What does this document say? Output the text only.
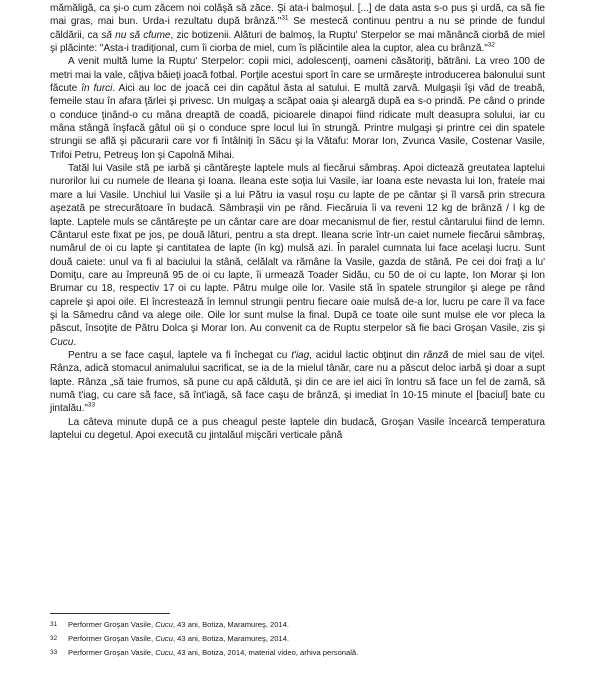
mămăligă, ca şi-o cum zăcem noi colăşă să zăce. Şi ata-i balmoşul. [...] de data asta s-o pus şi urdă, ca să fie mai gras, mai bun. Urda-i rezultatu după brânză."$^{31}$ Se mestecă continuu pentru a nu se prinde de fundul căldării, ca să nu să cfume, zic botizenii. Alături de balmoş, la Ruptu' Sterpelor se mai mănâncă ciorbă de miel şi plăcinte: "Asta-i tradiţional, cum îi ciorba de miel, cum îs plăcintile alea la cuptor, alea cu brânză."$^{32}$

A venit multă lume la Ruptu' Sterpelor: copii mici, adolescenţi, oameni căsătoriţi, bătrâni. La vreo 100 de metri mai la vale, câţiva băieţi joacă fotbal. Porţile acestui sport în care se urmăreşte introducerea balonului sunt făcute în furci. Aici au loc de joacă cei din capătul ăsta al satului. E multă zarvă. Mulgaşii îşi văd de treabă, femeile stau în afara ţărlei şi privesc. Un mulgaş a scăpat oaia şi aleargă după ea s-o prindă. Pe când o prinde o conduce ţinând-o cu mâna dreaptă de coadă, picioarele dinapoi fiind ridicate mult deasupra solului, iar cu mâna stângă înşfacă gâtul oii şi o conduce spre locul lui în strungă. Printre mulgaşi şi printre cei din spatele strungii se află şi păcurarii care vor fi întâlniţi în Săcu şi la Vătafu: Morar Ion, Zvunca Vasile, Costenar Vasile, Trifoi Petru, Petreuş Ion şi Capolnă Mihai.

Tatăl lui Vasile stă pe iarbă şi cântăreşte laptele muls al fiecărui sâmbraş. Apoi dictează greutatea laptelui nurorilor lui cu numele de Ileana şi Ioana. Ileana este soţia lui Vasile, iar Ioana este nevasta lui Ion, fratele mai mare a lui Vasile. Unchiul lui Vasile şi a lui Pătru ia vasul roşu cu lapte de pe cântar şi îl varsă prin strecura aşezată pe strecurătoare în budacă. Sâmbraşii vin pe rând. Fiecăruia îi va reveni 12 kg de brânză / l kg de lapte. Laptele muls se cântăreşte pe un cântar care are doar mecanismul de fier, restul cântarului fiind de lemn. Cântarul este fixat pe jos, pe două lături, pentru a sta drept. Ileana scrie într-un caiet numele fiecărui sâmbraş, numărul de oi cu lapte şi cantitatea de lapte (în kg) mulsă azi. În paralel cumnata lui face acelaşi lucru. Sunt două caiete: unul va fi al baciului la stână, celălalt va rămâne la Vasile, gazda de stână. Pe cei doi fraţi a lu' Domiţu, care au împreună 95 de oi cu lapte, îi urmează Toader Sidău, cu 50 de oi cu lapte, Ion Morar şi Ion Brumar cu 18, respectiv 17 oi cu lapte. Pătru mulge oile lor. Vasile stă în spatele strungilor şi alege pe rând caprele şi apoi oile. El încrestează în lemnul strungii pentru fiecare oaie mulsă de-a lor, lucru pe care îl va face şi la Sâmedru când va alege oile. Oile lor sunt mulse la final. După ce toate oile sunt mulse ele vor pleca la păscut, însoţite de Pătru Dolca şi Morar Ion. Au convenit ca de Ruptu sterpelor să fie baci Groşan Vasile, zis şi Cucu.

Pentru a se face caşul, laptele va fi închegat cu t'iag, acidul lactic obţinut din rânză de miel sau de viţel. Rânza, adică stomacul animalului sacrificat, se ia de la mielul tânăr, care nu a păscut deloc iarbă şi doar a supt lapte. Rânza „să taie frumos, să pune cu apă căldută, şi din ce are iel aici în lontru să face un fel de zamă, să numă t'iag, cu care să face, să înt'iagă, să face caşu de brânză, şi imediat în 10-15 minute el [baciul] bate cu jintalău."$^{33}$

La câteva minute după ce a pus cheagul peste laptele din budacă, Groşan Vasile încearcă temperatura laptelui cu degetul. Apoi execută cu jintalăul mişcări verticale până

31 Performer Groşan Vasile, Cucu, 43 ani, Botiza, Maramureş, 2014.
32 Performer Groşan Vasile, Cucu, 43 ani, Botiza, Maramureş, 2014.
33 Performer Groşan Vasile, Cucu, 43 ani, Botiza, 2014, material video, arhiva personală.
